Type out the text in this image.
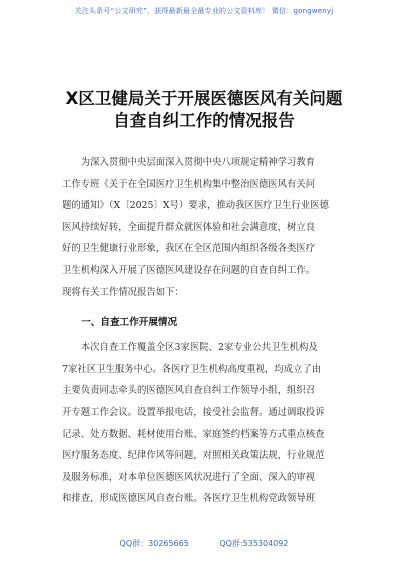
关注头条号“公文研究”，获得最新最全最专业的公文资料库！ 微信：gongwenyj
X区卫健局关于开展医德医风有关问题
自查自纠工作的情况报告
为深入贯彻中央层面深入贯彻中央八项规定精神学习教育
工作专班《关于在全国医疗卫生机构集中整治医德医风有关问
题的通知》（X〔2025〕X号）要求，推动我区医疗卫生行业医德
医风持续好转，全面提升群众就医体验和社会满意度，树立良
好的卫生健康行业形象，我区在全区范围内组织各级各类医疗
卫生机构深入开展了医德医风建设存在问题的自查自纠工作。
现将有关工作情况报告如下：
一、自查工作开展情况
本次自查工作覆盖全区3家医院、2家专业公共卫生机构及
7家社区卫生服务中心。各医疗卫生机构高度重视，均成立了由
主要负责同志牵头的医德医风自查自纠工作领导小组，组织召
开专题工作会议。设置举报电话，接受社会监督。通过调取投诉
记录、处方数据、耗材使用台账、家庭签约档案等方式重点核查
医疗服务态度、纪律作风等问题，对照相关政策法规，行业规范
及服务标准，对本单位医德医风状况进行了全面、深入的审视
和排查，形成医德医风自查台账。各医疗卫生机构党政领导班
QQ群：30265665	QQ群:535304092
